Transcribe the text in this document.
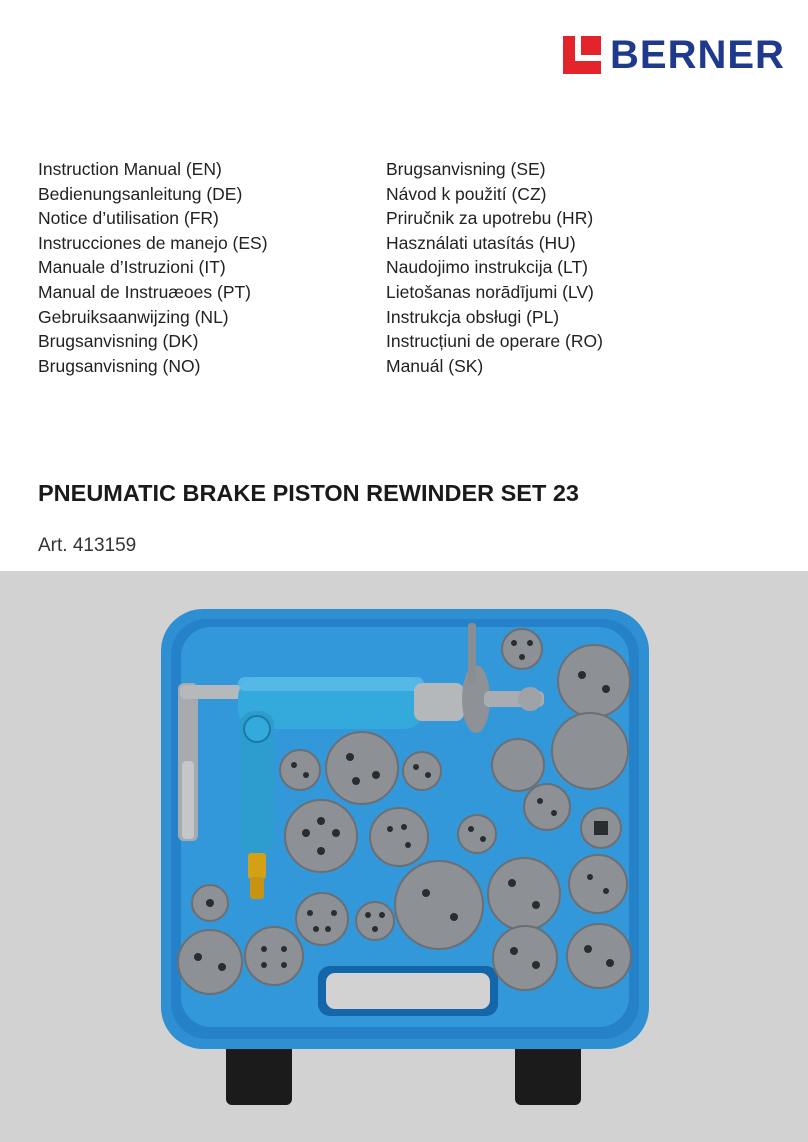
BERNER
Instruction Manual (EN)
Bedienungsanleitung (DE)
Notice d’utilisation (FR)
Instrucciones de manejo (ES)
Manuale d’Istruzioni (IT)
Manual de Instruæoes (PT)
Gebruiksaanwijzing (NL)
Brugsanvisning (DK)
Brugsanvisning (NO)
Brugsanvisning (SE)
Návod k použití (CZ)
Priručnik za upotrebu (HR)
Használati utasítás (HU)
Naudojimo instrukcija (LT)
Lietošanas norādījumi (LV)
Instrukcja obsługi (PL)
Instrucțiuni de operare (RO)
Manuál (SK)
PNEUMATIC BRAKE PISTON REWINDER SET 23
Art. 413159
